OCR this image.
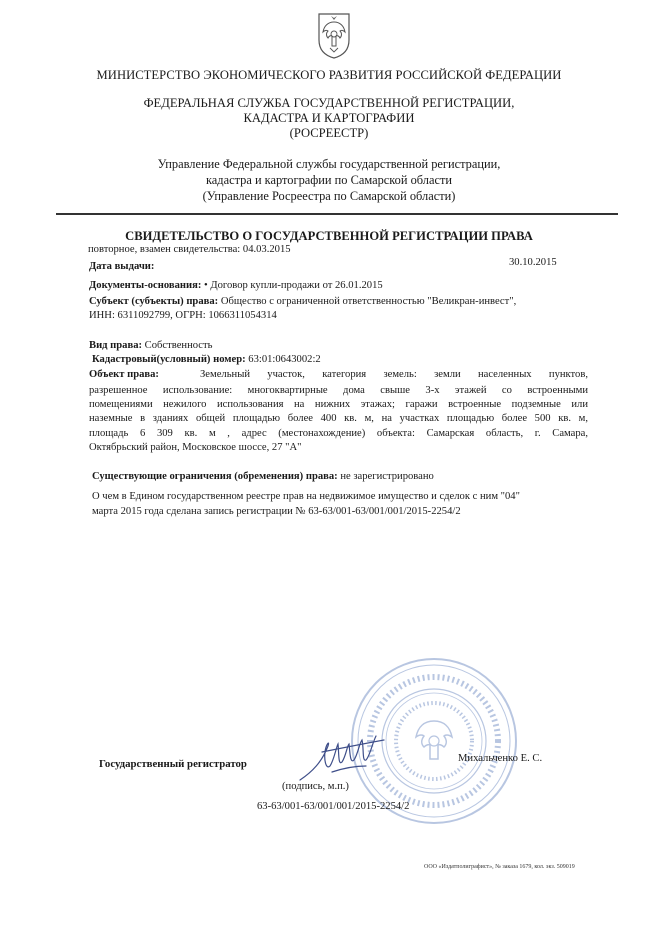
МИНИСТЕРСТВО ЭКОНОМИЧЕСКОГО РАЗВИТИЯ РОССИЙСКОЙ ФЕДЕРАЦИИ
ФЕДЕРАЛЬНАЯ СЛУЖБА ГОСУДАРСТВЕННОЙ РЕГИСТРАЦИИ,
КАДАСТРА И КАРТОГРАФИИ
(РОСРЕЕСТР)
Управление Федеральной службы государственной регистрации,
кадастра и картографии по Самарской области
(Управление Росреестра по Самарской области)
СВИДЕТЕЛЬСТВО О ГОСУДАРСТВЕННОЙ РЕГИСТРАЦИИ ПРАВА
повторное, взамен свидетельства: 04.03.2015
Дата выдачи:	30.10.2015
Документы-основания: • Договор купли-продажи от 26.01.2015
Субъект (субъекты) права: Общество с ограниченной ответственностью "Великран-инвест",
ИНН: 6311092799, ОГРН: 1066311054314
Вид права: Собственность
Кадастровый(условный) номер: 63:01:0643002:2
Объект права:	Земельный участок, категория земель: земли населенных пунктов,
разрешенное использование: многоквартирные дома свыше 3-х этажей со встроенными
помещениями нежилого использования на нижних этажах; гаражи встроенные подземные или
наземные в зданиях общей площадью более 400 кв. м, на участках площадью более 500 кв. м,
площадь 6 309 кв. м , адрес (местонахождение) объекта: Самарская область, г. Самара,
Октябрьский район, Московское шоссе, 27 "А"
Существующие ограничения (обременения) права: не зарегистрировано
О чем в Едином государственном реестре прав на недвижимое имущество и сделок с ним "04"
марта 2015 года сделана запись регистрации № 63-63/001-63/001/001/2015-2254/2
Государственный регистратор	Михальченко Е. С.
(подпись, м.п.)
63-63/001-63/001/001/2015-2254/2
ООО «Издатполиграфист», № заказа 1679, кол. экз. 509019
